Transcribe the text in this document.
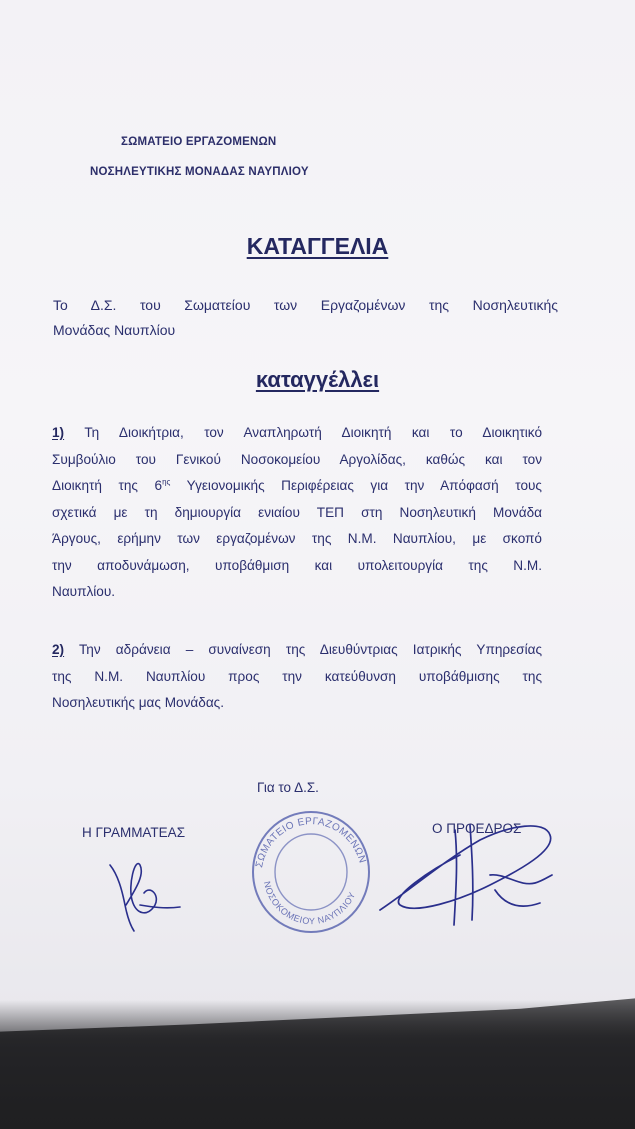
ΣΩΜΑΤΕΙΟ ΕΡΓΑΖΟΜΕΝΩΝ
ΝΟΣΗΛΕΥΤΙΚΗΣ ΜΟΝΑΔΑΣ ΝΑΥΠΛΙΟΥ
ΚΑΤΑΓΓΕΛΙΑ
Το Δ.Σ. του Σωματείου των Εργαζομένων της Νοσηλευτικής
Μονάδας Ναυπλίου
καταγγέλλει
1) Τη Διοικήτρια, τον Αναπληρωτή Διοικητή και το Διοικητικό
Συμβούλιο του Γενικού Νοσοκομείου Αργολίδας, καθώς και τον
Διοικητή της $6^{\eta\varsigma}$ Υγειονομικής Περιφέρειας για την Απόφασή τους
σχετικά με τη δημιουργία ενιαίου ΤΕΠ στη Νοσηλευτική Μονάδα
Άργους, ερήμην των εργαζομένων της Ν.Μ. Ναυπλίου, με σκοπό
την αποδυνάμωση, υποβάθμιση και υπολειτουργία της Ν.Μ.
Ναυπλίου.
2) Την αδράνεια – συναίνεση της Διευθύντριας Ιατρικής Υπηρεσίας
της Ν.Μ. Ναυπλίου προς την κατεύθυνση υποβάθμισης της
Νοσηλευτικής μας Μονάδας.
Για το Δ.Σ.
Η ΓΡΑΜΜΑΤΕΑΣ	Ο ΠΡΟΕΔΡΟΣ
ΣΩΜΑΤΕΙΟ ΕΡΓΑΖΟΜΕΝΩΝ
ΝΟΣΟΚΟΜΕΙΟΥ ΝΑΥΠΛΙΟΥ
